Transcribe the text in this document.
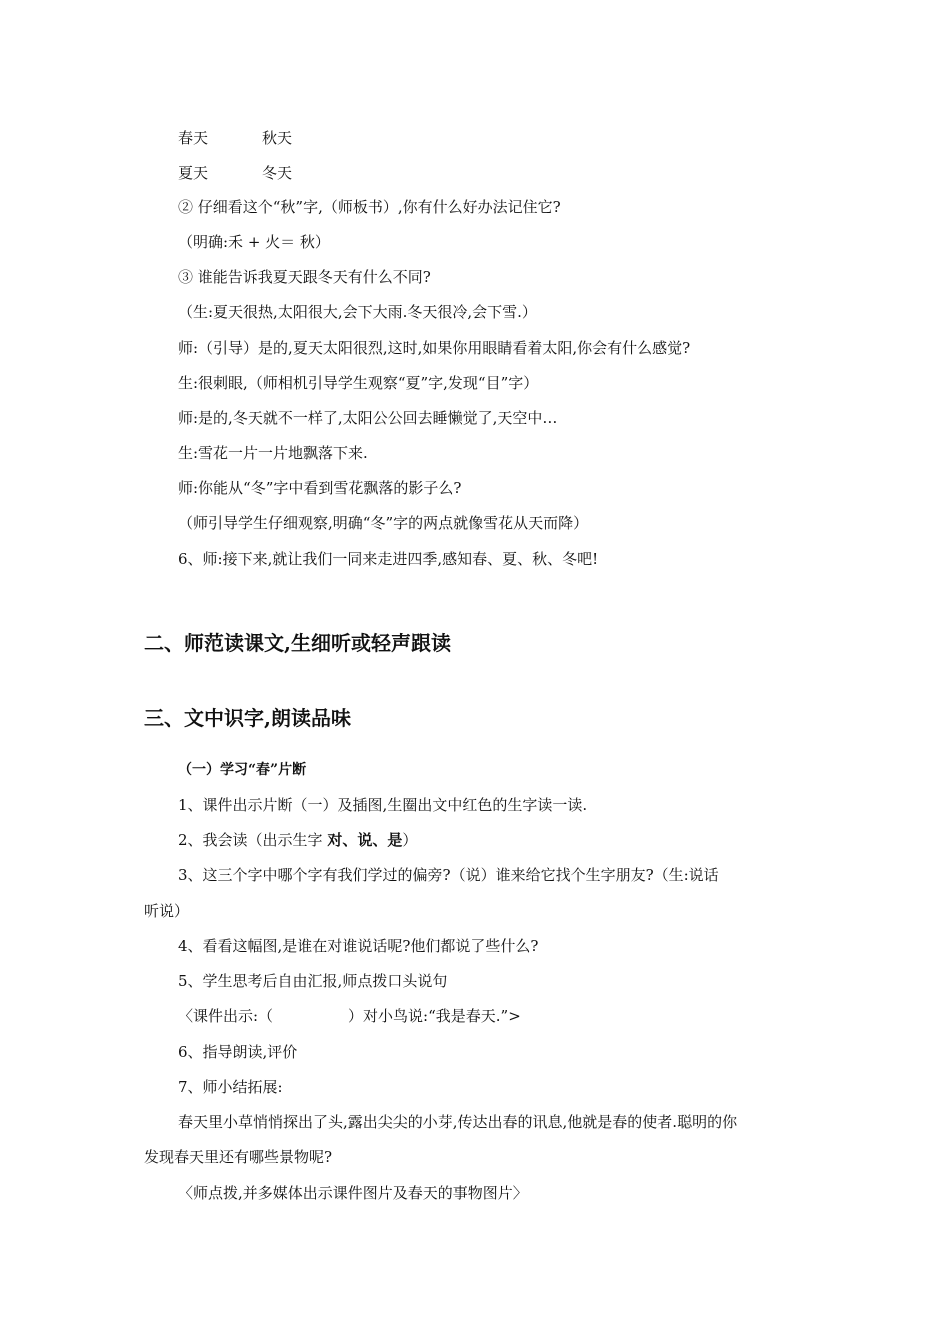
春天	秋天
夏天	冬天
② 仔细看这个“秋”字,（师板书）,你有什么好办法记住它?
（明确:禾 + 火＝ 秋）
③ 谁能告诉我夏天跟冬天有什么不同?
（生:夏天很热,太阳很大,会下大雨.冬天很冷,会下雪.）
师:（引导）是的,夏天太阳很烈,这时,如果你用眼睛看着太阳,你会有什么感觉?
生:很刺眼,（师相机引导学生观察“夏”字,发现“目”字）
师:是的,冬天就不一样了,太阳公公回去睡懒觉了,天空中…
生:雪花一片一片地飘落下来.
师:你能从“冬”字中看到雪花飘落的影子么?
（师引导学生仔细观察,明确“冬”字的两点就像雪花从天而降）
6、师:接下来,就让我们一同来走进四季,感知春、夏、秋、冬吧!
二、师范读课文,生细听或轻声跟读
三、文中识字,朗读品味
（一）学习“春”片断
1、课件出示片断（一）及插图,生圈出文中红色的生字读一读.
2、我会读（出示生字 对、说、是）
3、这三个字中哪个字有我们学过的偏旁?（说）谁来给它找个生字朋友?（生:说话
听说）
4、看看这幅图,是谁在对谁说话呢?他们都说了些什么?
5、学生思考后自由汇报,师点拨口头说句
〈课件出示:（　　　　　）对小鸟说:“我是春天.”>
6、指导朗读,评价
7、师小结拓展:
春天里小草悄悄探出了头,露出尖尖的小芽,传达出春的讯息,他就是春的使者.聪明的你
发现春天里还有哪些景物呢?
〈师点拨,并多媒体出示课件图片及春天的事物图片〉
